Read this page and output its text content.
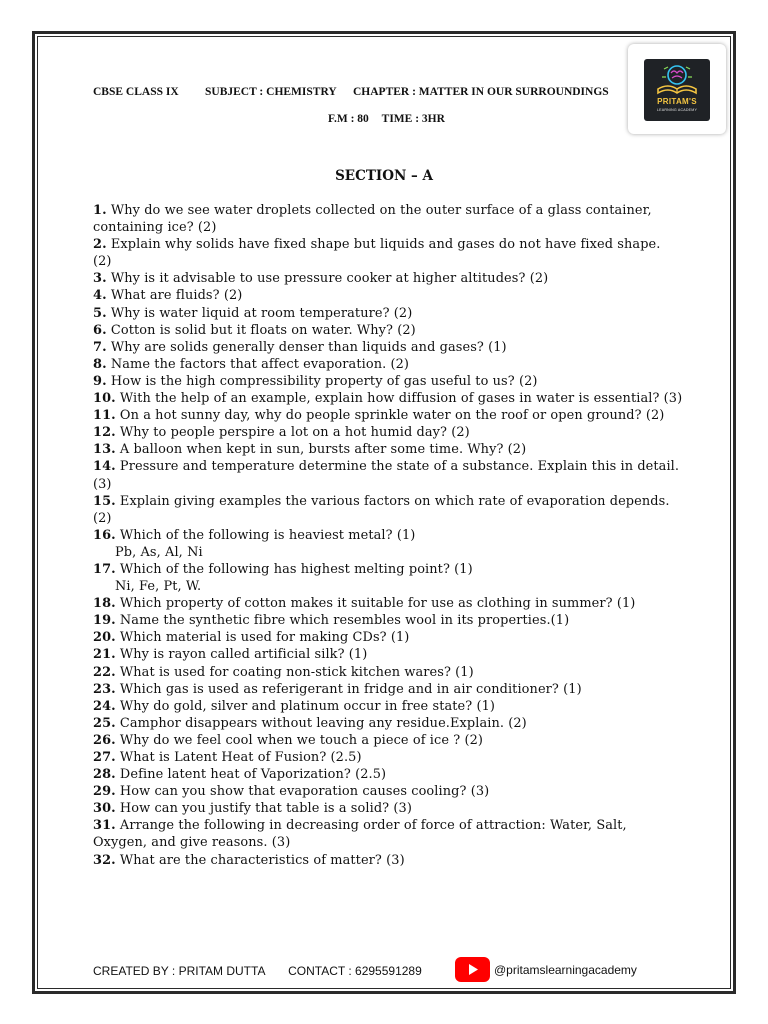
CBSE CLASS IX	SUBJECT : CHEMISTRY	CHAPTER : MATTER IN OUR SURROUNDINGS
F.M : 80 TIME : 3HR
PRITAM'S
LEARNING ACADEMY
SECTION – A
1. Why do we see water droplets collected on the outer surface of a glass container, containing ice? (2)
2. Explain why solids have fixed shape but liquids and gases do not have fixed shape. (2)
3. Why is it advisable to use pressure cooker at higher altitudes? (2)
4. What are fluids? (2)
5. Why is water liquid at room temperature? (2)
6. Cotton is solid but it floats on water. Why? (2)
7. Why are solids generally denser than liquids and gases? (1)
8. Name the factors that affect evaporation. (2)
9. How is the high compressibility property of gas useful to us? (2)
10. With the help of an example, explain how diffusion of gases in water is essential? (3)
11. On a hot sunny day, why do people sprinkle water on the roof or open ground? (2)
12. Why to people perspire a lot on a hot humid day? (2)
13. A balloon when kept in sun, bursts after some time. Why? (2)
14. Pressure and temperature determine the state of a substance. Explain this in detail. (3)
15. Explain giving examples the various factors on which rate of evaporation depends. (2)
16. Which of the following is heaviest metal? (1)
Pb, As, Al, Ni
17. Which of the following has highest melting point? (1)
Ni, Fe, Pt, W.
18. Which property of cotton makes it suitable for use as clothing in summer? (1)
19. Name the synthetic fibre which resembles wool in its properties.(1)
20. Which material is used for making CDs? (1)
21. Why is rayon called artificial silk? (1)
22. What is used for coating non-stick kitchen wares? (1)
23. Which gas is used as referigerant in fridge and in air conditioner? (1)
24. Why do gold, silver and platinum occur in free state? (1)
25. Camphor disappears without leaving any residue.Explain. (2)
26. Why do we feel cool when we touch a piece of ice ? (2)
27. What is Latent Heat of Fusion? (2.5)
28. Define latent heat of Vaporization? (2.5)
29. How can you show that evaporation causes cooling? (3)
30. How can you justify that table is a solid? (3)
31. Arrange the following in decreasing order of force of attraction: Water, Salt, Oxygen, and give reasons. (3)
32. What are the characteristics of matter? (3)
CREATED BY : PRITAM DUTTA CONTACT : 6295591289	@pritamslearningacademy
